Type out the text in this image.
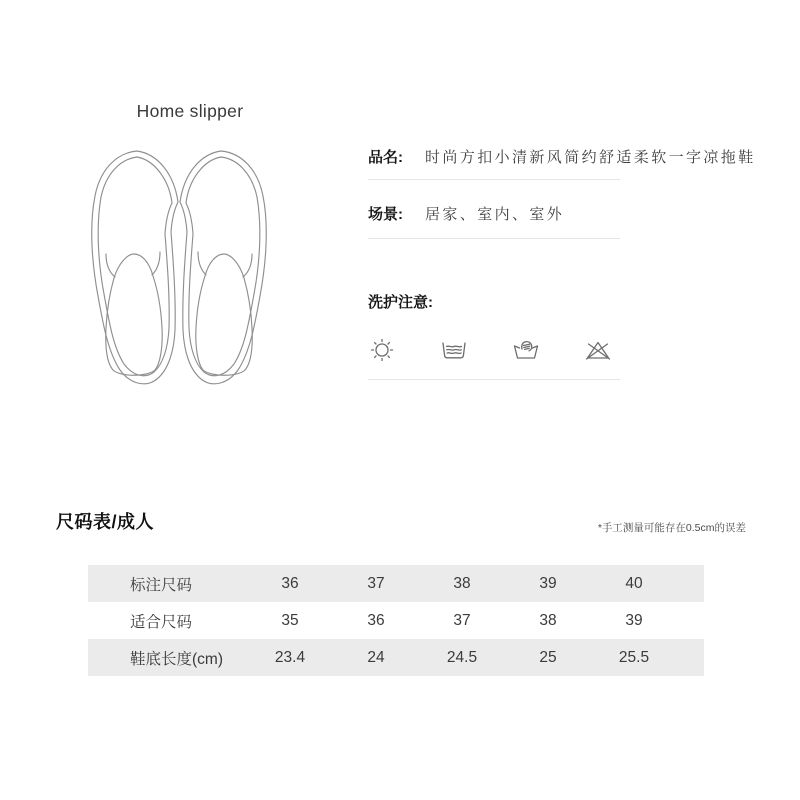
Home slipper
品名:	时尚方扣小清新风简约舒适柔软一字凉拖鞋
场景:	居家、室内、室外
洗护注意:
尺码表/成人	*手工测量可能存在0.5cm的误差
标注尺码	36	37	38	39	40
适合尺码	35	36	37	38	39
鞋底长度(cm)	23.4	24	24.5	25	25.5
